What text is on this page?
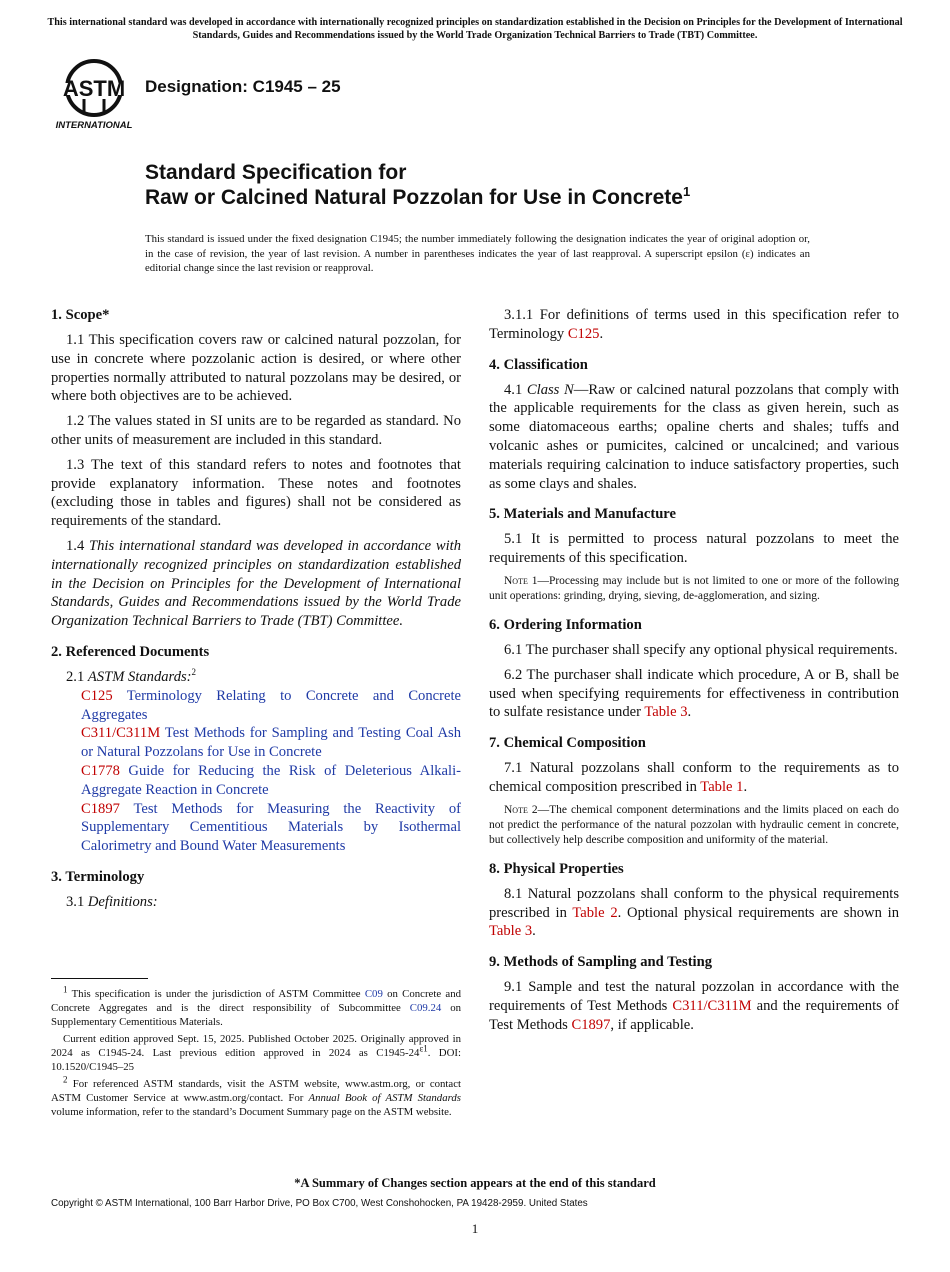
This international standard was developed in accordance with internationally recognized principles on standardization established in the Decision on Principles for the Development of International Standards, Guides and Recommendations issued by the World Trade Organization Technical Barriers to Trade (TBT) Committee.
ASTM
INTERNATIONAL
Designation: C1945 – 25
Standard Specification for
Raw or Calcined Natural Pozzolan for Use in Concrete$^1$
This standard is issued under the fixed designation C1945; the number immediately following the designation indicates the year of original adoption or, in the case of revision, the year of last revision. A number in parentheses indicates the year of last reapproval. A superscript epsilon (ε) indicates an editorial change since the last revision or reapproval.
1. Scope*

1.1 This specification covers raw or calcined natural pozzolan, for use in concrete where pozzolanic action is desired, or where other properties normally attributed to natural pozzolans may be desired, or where both objectives are to be achieved.

1.2 The values stated in SI units are to be regarded as standard. No other units of measurement are included in this standard.

1.3 The text of this standard refers to notes and footnotes that provide explanatory information. These notes and footnotes (excluding those in tables and figures) shall not be considered as requirements of the standard.

1.4 This international standard was developed in accordance with internationally recognized principles on standardization established in the Decision on Principles for the Development of International Standards, Guides and Recommendations issued by the World Trade Organization Technical Barriers to Trade (TBT) Committee.

2. Referenced Documents

2.1 ASTM Standards:$^2$

C125 Terminology Relating to Concrete and Concrete Aggregates

C311/C311M Test Methods for Sampling and Testing Coal Ash or Natural Pozzolans for Use in Concrete

C1778 Guide for Reducing the Risk of Deleterious Alkali-Aggregate Reaction in Concrete

C1897 Test Methods for Measuring the Reactivity of Supplementary Cementitious Materials by Isothermal Calorimetry and Bound Water Measurements

3. Terminology

3.1 Definitions:

$^1$ This specification is under the jurisdiction of ASTM Committee C09 on Concrete and Concrete Aggregates and is the direct responsibility of Subcommittee C09.24 on Supplementary Cementitious Materials.

Current edition approved Sept. 15, 2025. Published October 2025. Originally approved in 2024 as C1945-24. Last previous edition approved in 2024 as $C1945-24^{\varepsilon 1}$. DOI: 10.1520/C1945–25

$^2$ For referenced ASTM standards, visit the ASTM website, www.astm.org, or contact ASTM Customer Service at www.astm.org/contact. For Annual Book of ASTM Standards volume information, refer to the standard’s Document Summary page on the ASTM website.

3.1.1 For definitions of terms used in this specification refer to Terminology C125.

4. Classification

4.1 Class N—Raw or calcined natural pozzolans that comply with the applicable requirements for the class as given herein, such as some diatomaceous earths; opaline cherts and shales; tuffs and volcanic ashes or pumicites, calcined or uncalcined; and various materials requiring calcination to induce satisfactory properties, such as some clays and shales.

5. Materials and Manufacture

5.1 It is permitted to process natural pozzolans to meet the requirements of this specification.

Note 1—Processing may include but is not limited to one or more of the following unit operations: grinding, drying, sieving, de-agglomeration, and sizing.
6. Ordering Information

6.1 The purchaser shall specify any optional physical requirements.

6.2 The purchaser shall indicate which procedure, A or B, shall be used when specifying requirements for effectiveness in contribution to sulfate resistance under Table 3.

7. Chemical Composition

7.1 Natural pozzolans shall conform to the requirements as to chemical composition prescribed in Table 1.

Note 2—The chemical component determinations and the limits placed on each do not predict the performance of the natural pozzolan with hydraulic cement in concrete, but collectively help describe composition and uniformity of the material.
8. Physical Properties

8.1 Natural pozzolans shall conform to the physical requirements prescribed in Table 2. Optional physical requirements are shown in Table 3.

9. Methods of Sampling and Testing

9.1 Sample and test the natural pozzolan in accordance with the requirements of Test Methods C311/C311M and the requirements of Test Methods C1897, if applicable.

*A Summary of Changes section appears at the end of this standard
Copyright © ASTM International, 100 Barr Harbor Drive, PO Box C700, West Conshohocken, PA 19428-2959. United States
1
